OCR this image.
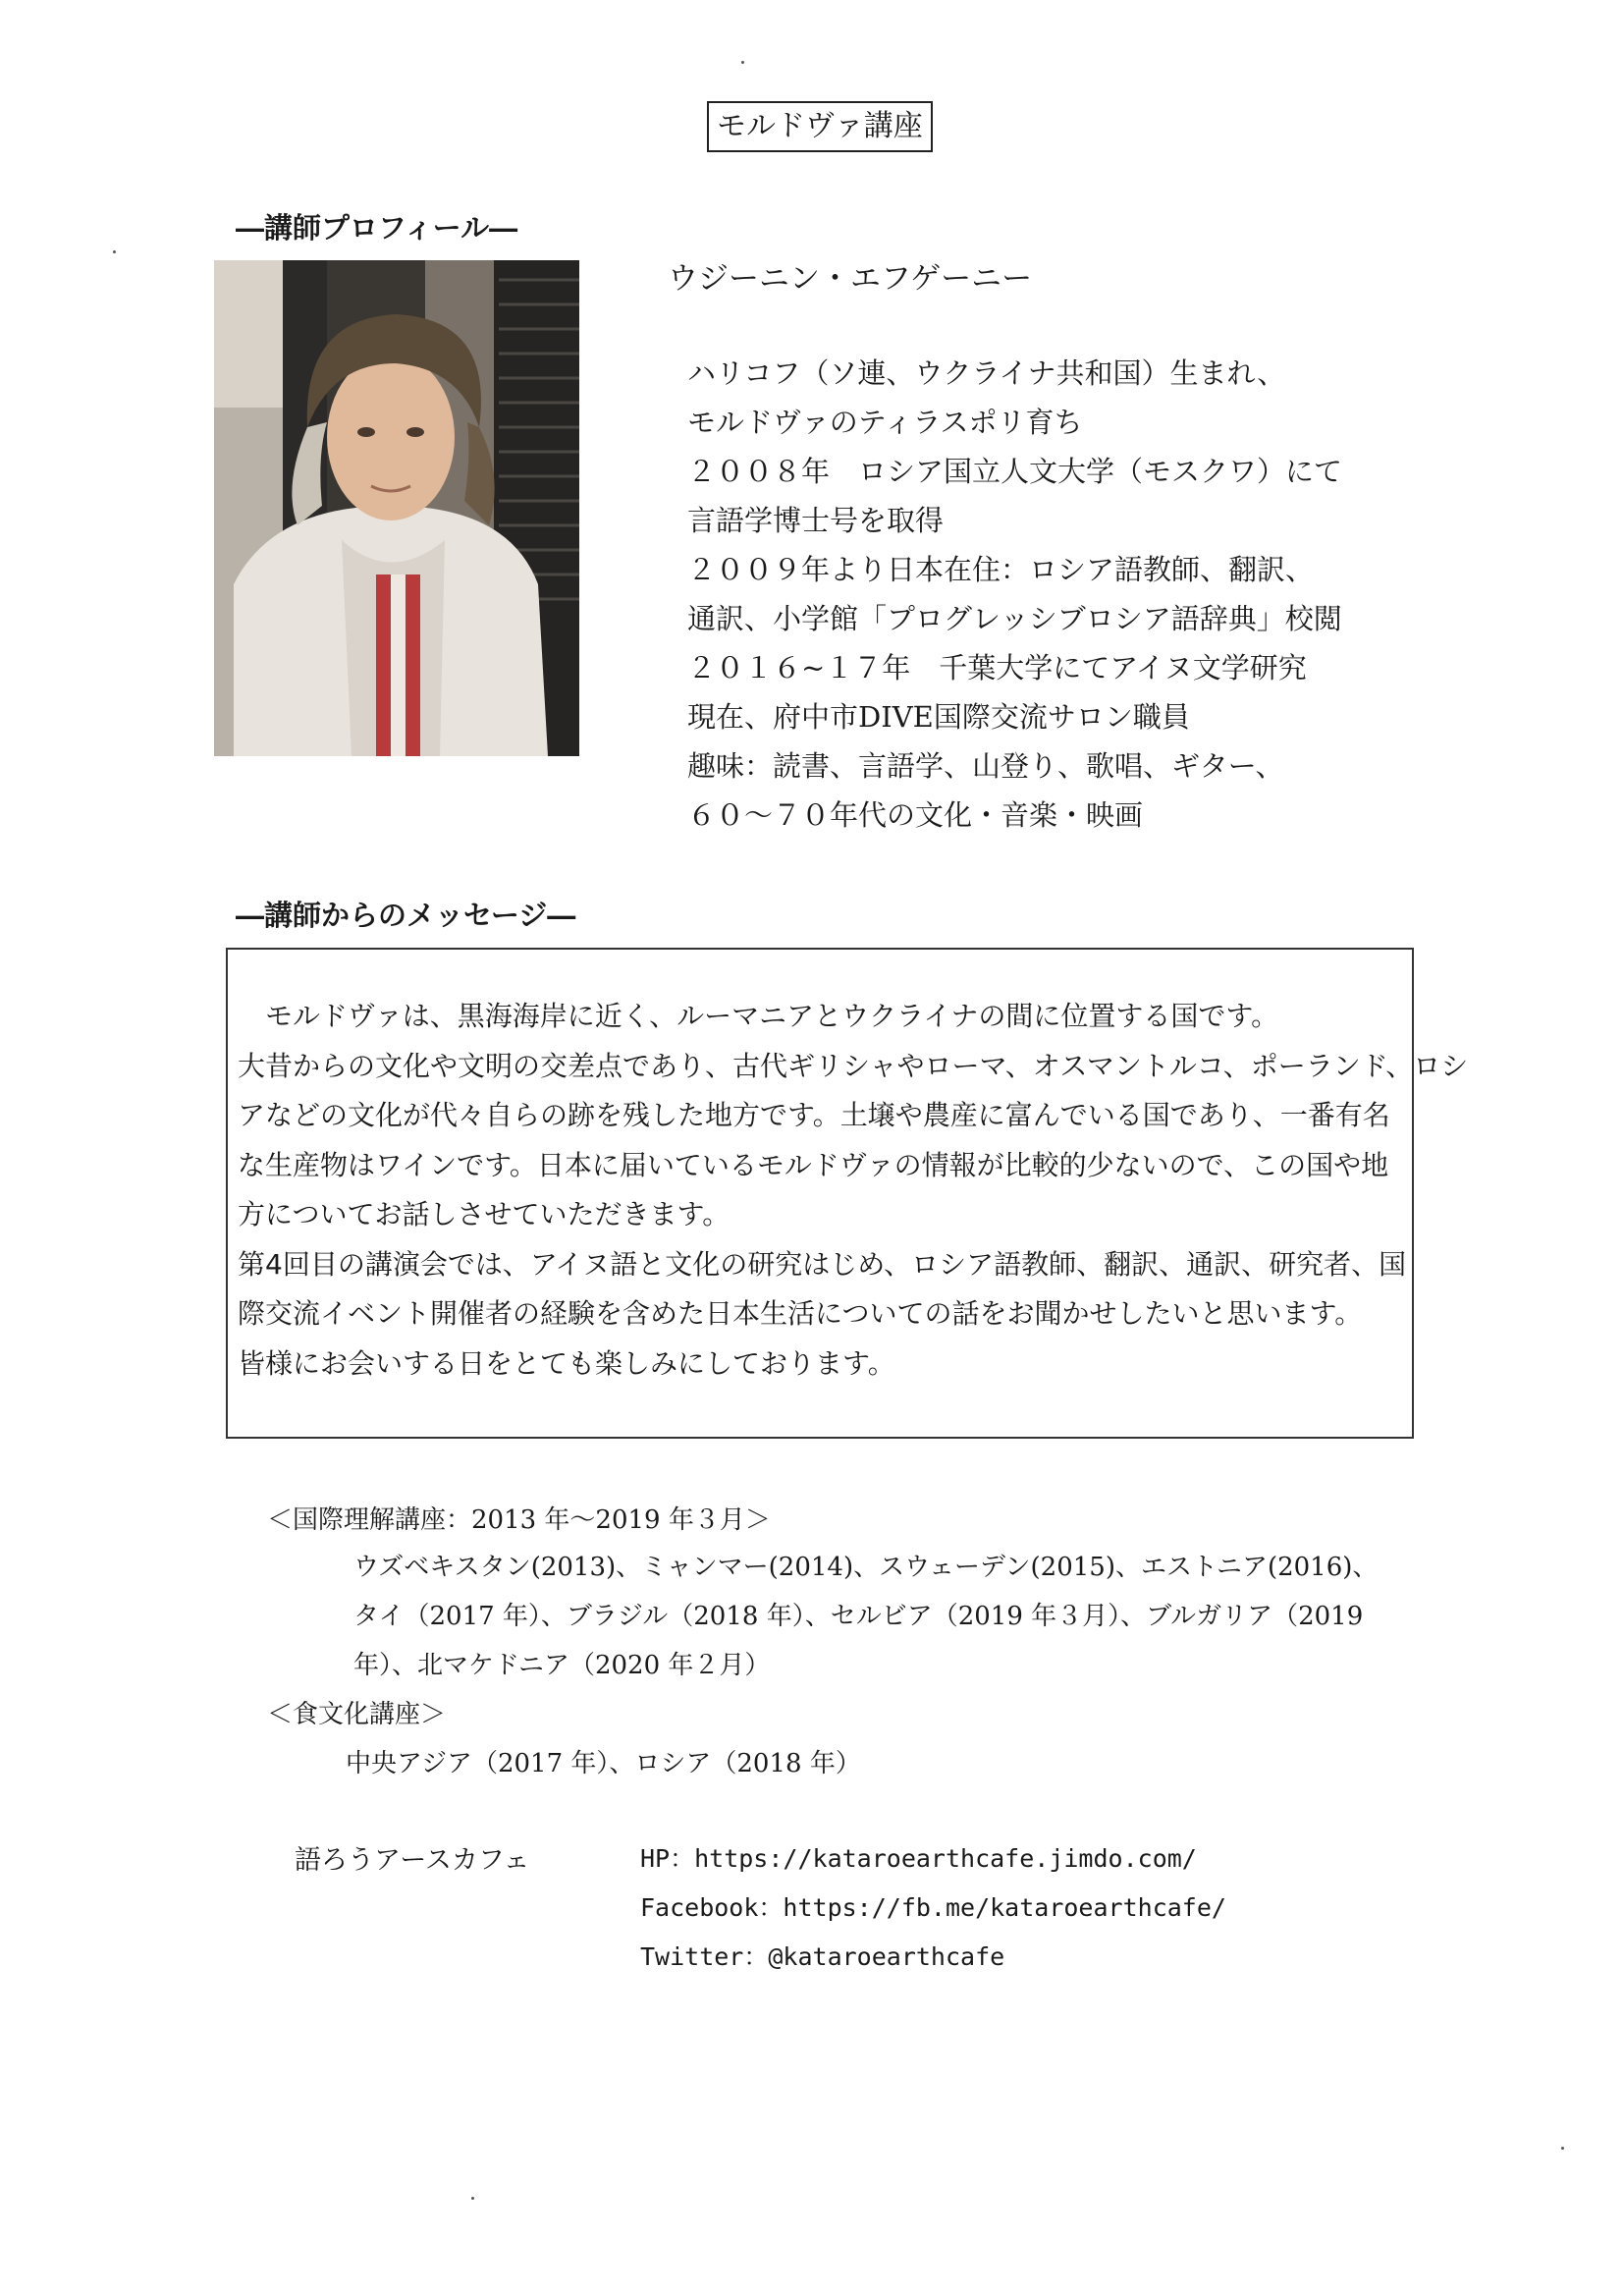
モルドヴァ講座
―講師プロフィール―
ウジーニン・エフゲーニー
ハリコフ（ソ連、ウクライナ共和国）生まれ、
モルドヴァのティラスポリ育ち
２００８年　ロシア国立人文大学（モスクワ）にて
言語学博士号を取得
２００９年より日本在住：ロシア語教師、翻訳、
通訳、小学館「プログレッシブロシア語辞典」校閲
２０１６~１７年　千葉大学にてアイヌ文学研究
現在、府中市DIVE国際交流サロン職員
趣味：読書、言語学、山登り、歌唱、ギター、
６０～７０年代の文化・音楽・映画
―講師からのメッセージ―
　モルドヴァは、黒海海岸に近く、ルーマニアとウクライナの間に位置する国です。
大昔からの文化や文明の交差点であり、古代ギリシャやローマ、オスマントルコ、ポーランド、ロシ
アなどの文化が代々自らの跡を残した地方です。土壌や農産に富んでいる国であり、一番有名
な生産物はワインです。日本に届いているモルドヴァの情報が比較的少ないので、この国や地
方についてお話しさせていただきます。
第4回目の講演会では、アイヌ語と文化の研究はじめ、ロシア語教師、翻訳、通訳、研究者、国
際交流イベント開催者の経験を含めた日本生活についての話をお聞かせしたいと思います。
皆様にお会いする日をとても楽しみにしております。
＜国際理解講座：2013 年～2019 年３月＞
ウズベキスタン(2013)、ミャンマー(2014)、スウェーデン(2015)、エストニア(2016)、
タイ（2017 年）、ブラジル（2018 年）、セルビア（2019 年３月）、ブルガリア（2019
年）、北マケドニア（2020 年２月）
＜食文化講座＞
中央アジア（2017 年）、ロシア（2018 年）
語ろうアースカフェ	HP：https://kataroearthcafe.jimdo.com/
Facebook：https://fb.me/kataroearthcafe/
Twitter：@kataroearthcafe
